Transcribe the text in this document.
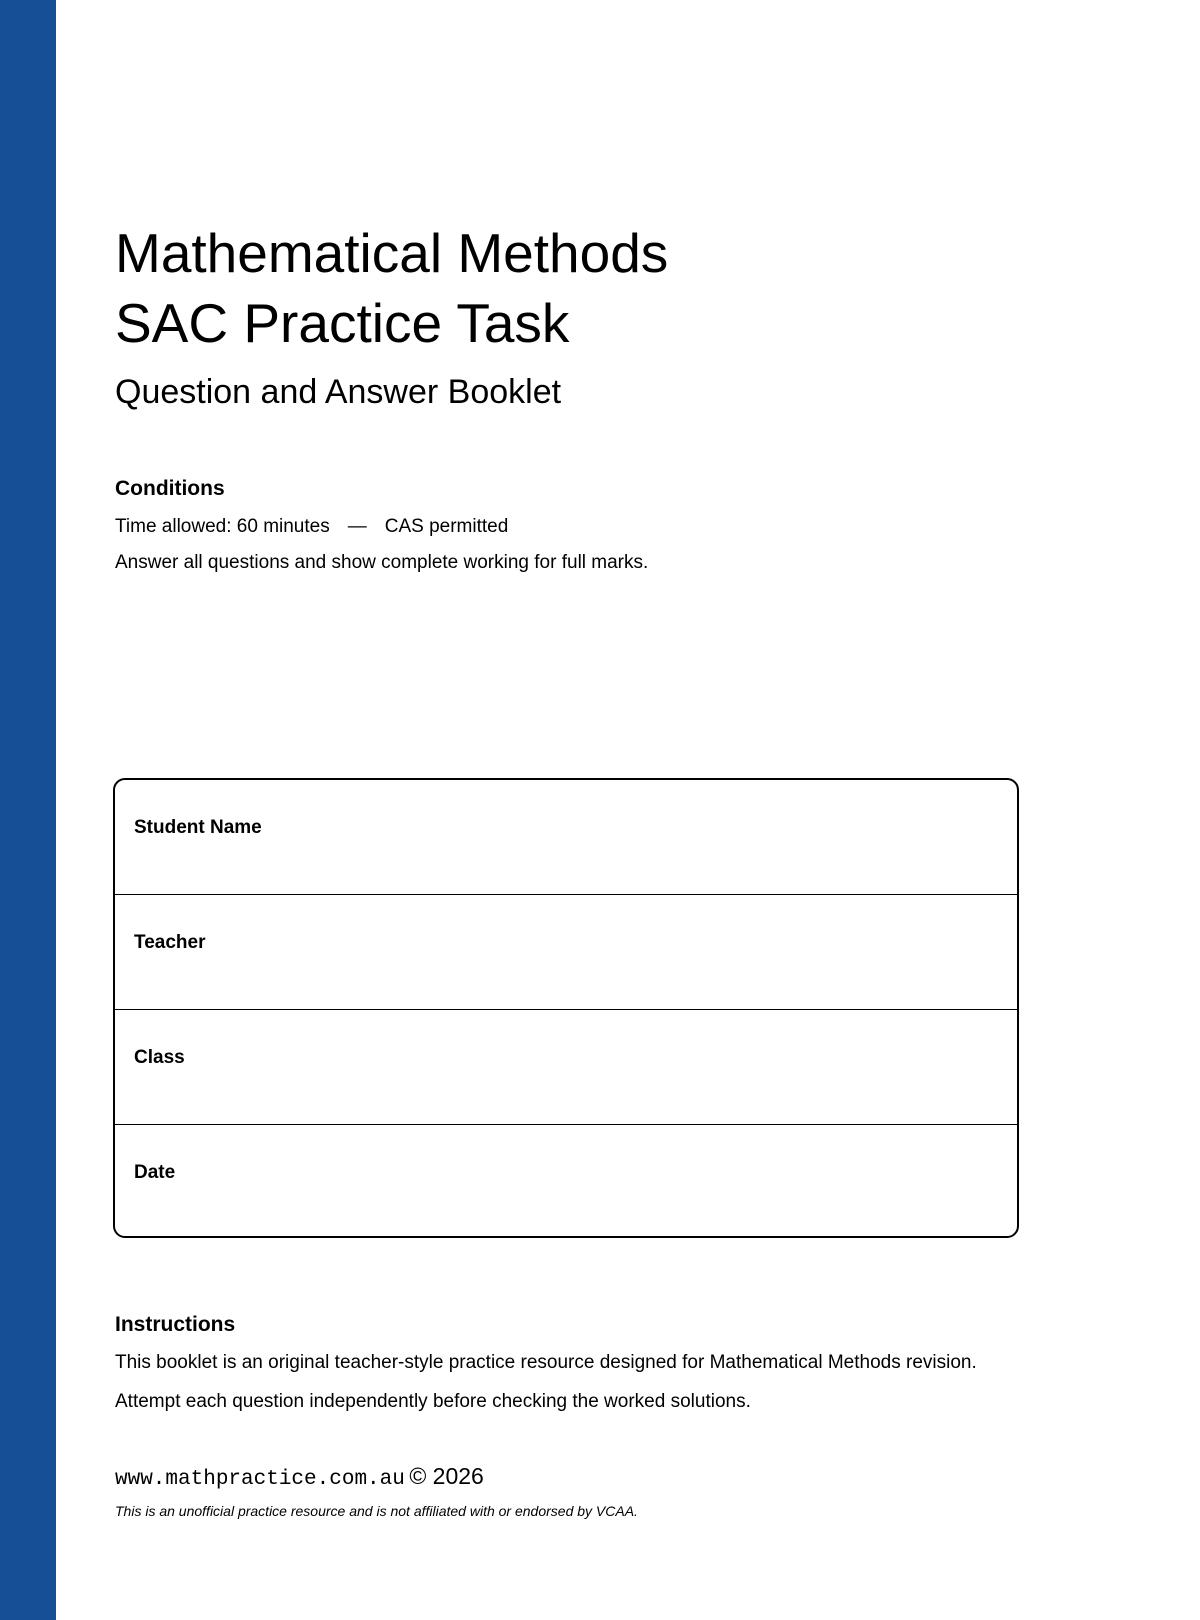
Mathematical Methods
SAC Practice Task
Question and Answer Booklet
Conditions

Time allowed: 60 minutes — CAS permitted

Answer all questions and show complete working for full marks.

Instructions

This booklet is an original teacher-style practice resource designed for Mathematical Methods revision.

Attempt each question independently before checking the worked solutions.

www.mathpractice.com.au © 2026

This is an unofficial practice resource and is not affiliated with or endorsed by VCAA.

Student Name
Teacher
Class
Date
